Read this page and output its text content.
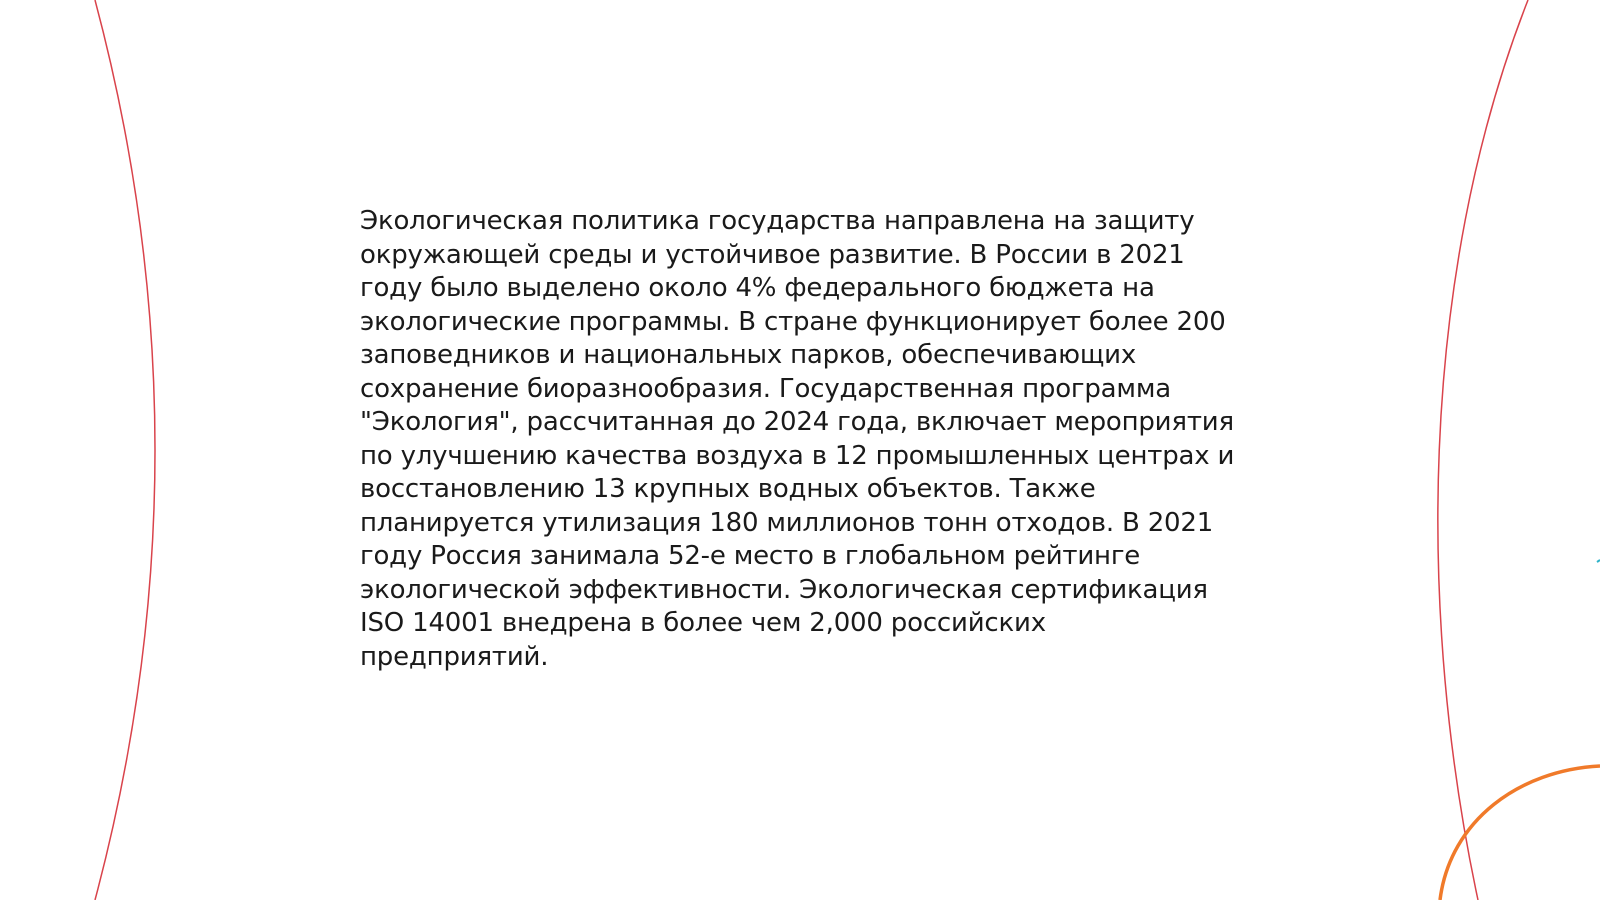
Экологическая политика государства направлена на защиту окружающей среды и устойчивое развитие. В России в 2021 году было выделено около 4% федерального бюджета на экологические программы. В стране функционирует более 200 заповедников и национальных парков, обеспечивающих сохранение биоразнообразия. Государственная программа "Экология", рассчитанная до 2024 года, включает мероприятия по улучшению качества воздуха в 12 промышленных центрах и восстановлению 13 крупных водных объектов. Также планируется утилизация 180 миллионов тонн отходов. В 2021 году Россия занимала 52-е место в глобальном рейтинге экологической эффективности. Экологическая сертификация ISO 14001 внедрена в более чем 2,000 российских предприятий.
